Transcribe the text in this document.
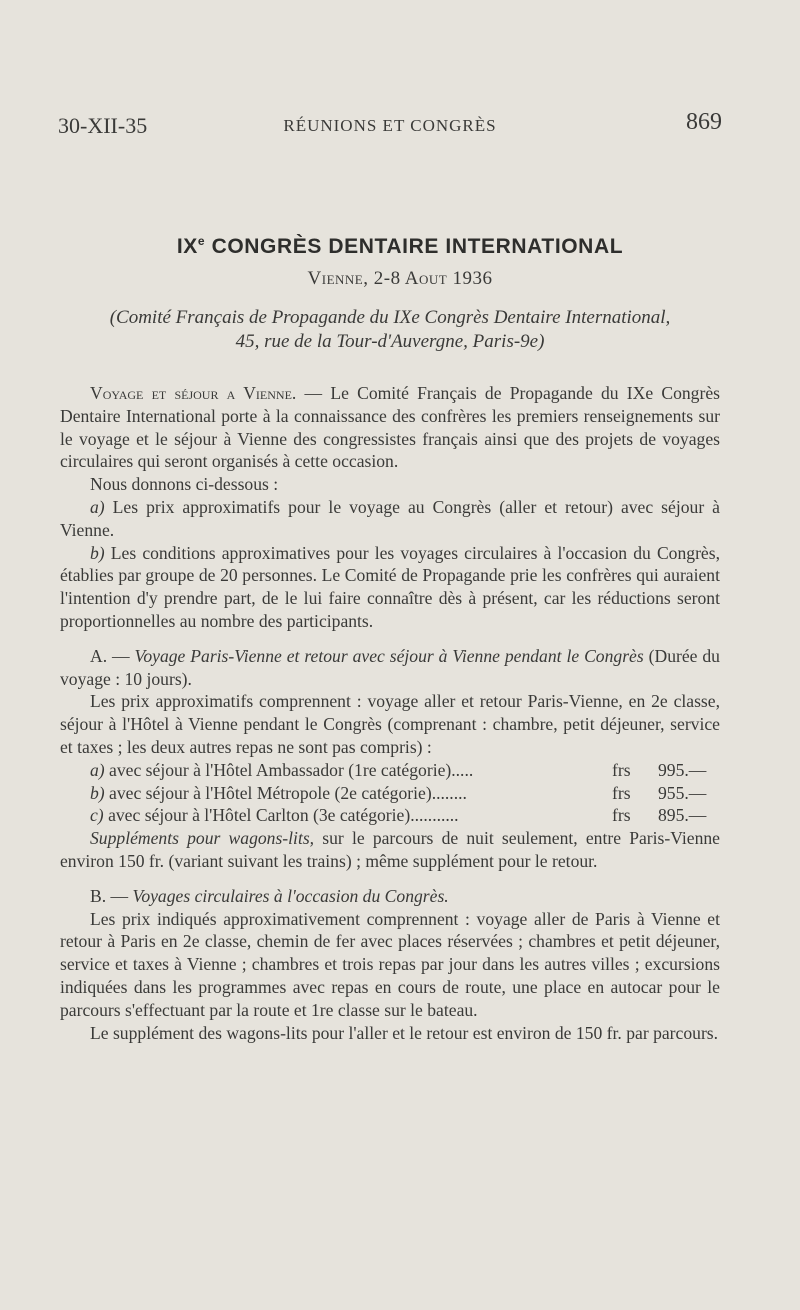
30-XII-35	RÉUNIONS ET CONGRÈS	869
IXe CONGRÈS DENTAIRE INTERNATIONAL
Vienne, 2-8 Aout 1936
(Comité Français de Propagande du IXe Congrès Dentaire International,
45, rue de la Tour-d'Auvergne, Paris-9e)

Voyage et séjour a Vienne. — Le Comité Français de Propagande du IXe Congrès Dentaire International porte à la connaissance des confrères les premiers renseignements sur le voyage et le séjour à Vienne des congressistes français ainsi que des projets de voyages circulaires qui seront organisés à cette occasion.

Nous donnons ci-dessous :

a) Les prix approximatifs pour le voyage au Congrès (aller et retour) avec séjour à Vienne.

b) Les conditions approximatives pour les voyages circulaires à l'occasion du Congrès, établies par groupe de 20 personnes. Le Comité de Propagande prie les confrères qui auraient l'intention d'y prendre part, de le lui faire connaître dès à présent, car les réductions seront proportionnelles au nombre des participants.

A. — Voyage Paris-Vienne et retour avec séjour à Vienne pendant le Congrès (Durée du voyage : 10 jours).

Les prix approximatifs comprennent : voyage aller et retour Paris-Vienne, en 2e classe, séjour à l'Hôtel à Vienne pendant le Congrès (comprenant : chambre, petit déjeuner, service et taxes ; les deux autres repas ne sont pas compris) :

a) avec séjour à l'Hôtel Ambassador (1re catégorie).....	frs 995.—
b) avec séjour à l'Hôtel Métropole (2e catégorie)........	frs 955.—
c) avec séjour à l'Hôtel Carlton (3e catégorie)...........	frs 895.—

Suppléments pour wagons-lits, sur le parcours de nuit seulement, entre Paris-Vienne environ 150 fr. (variant suivant les trains) ; même supplément pour le retour.

B. — Voyages circulaires à l'occasion du Congrès.

Les prix indiqués approximativement comprennent : voyage aller de Paris à Vienne et retour à Paris en 2e classe, chemin de fer avec places réservées ; chambres et petit déjeuner, service et taxes à Vienne ; chambres et trois repas par jour dans les autres villes ; excursions indiquées dans les programmes avec repas en cours de route, une place en autocar pour le parcours s'effectuant par la route et 1re classe sur le bateau.

Le supplément des wagons-lits pour l'aller et le retour est environ de 150 fr. par parcours.
